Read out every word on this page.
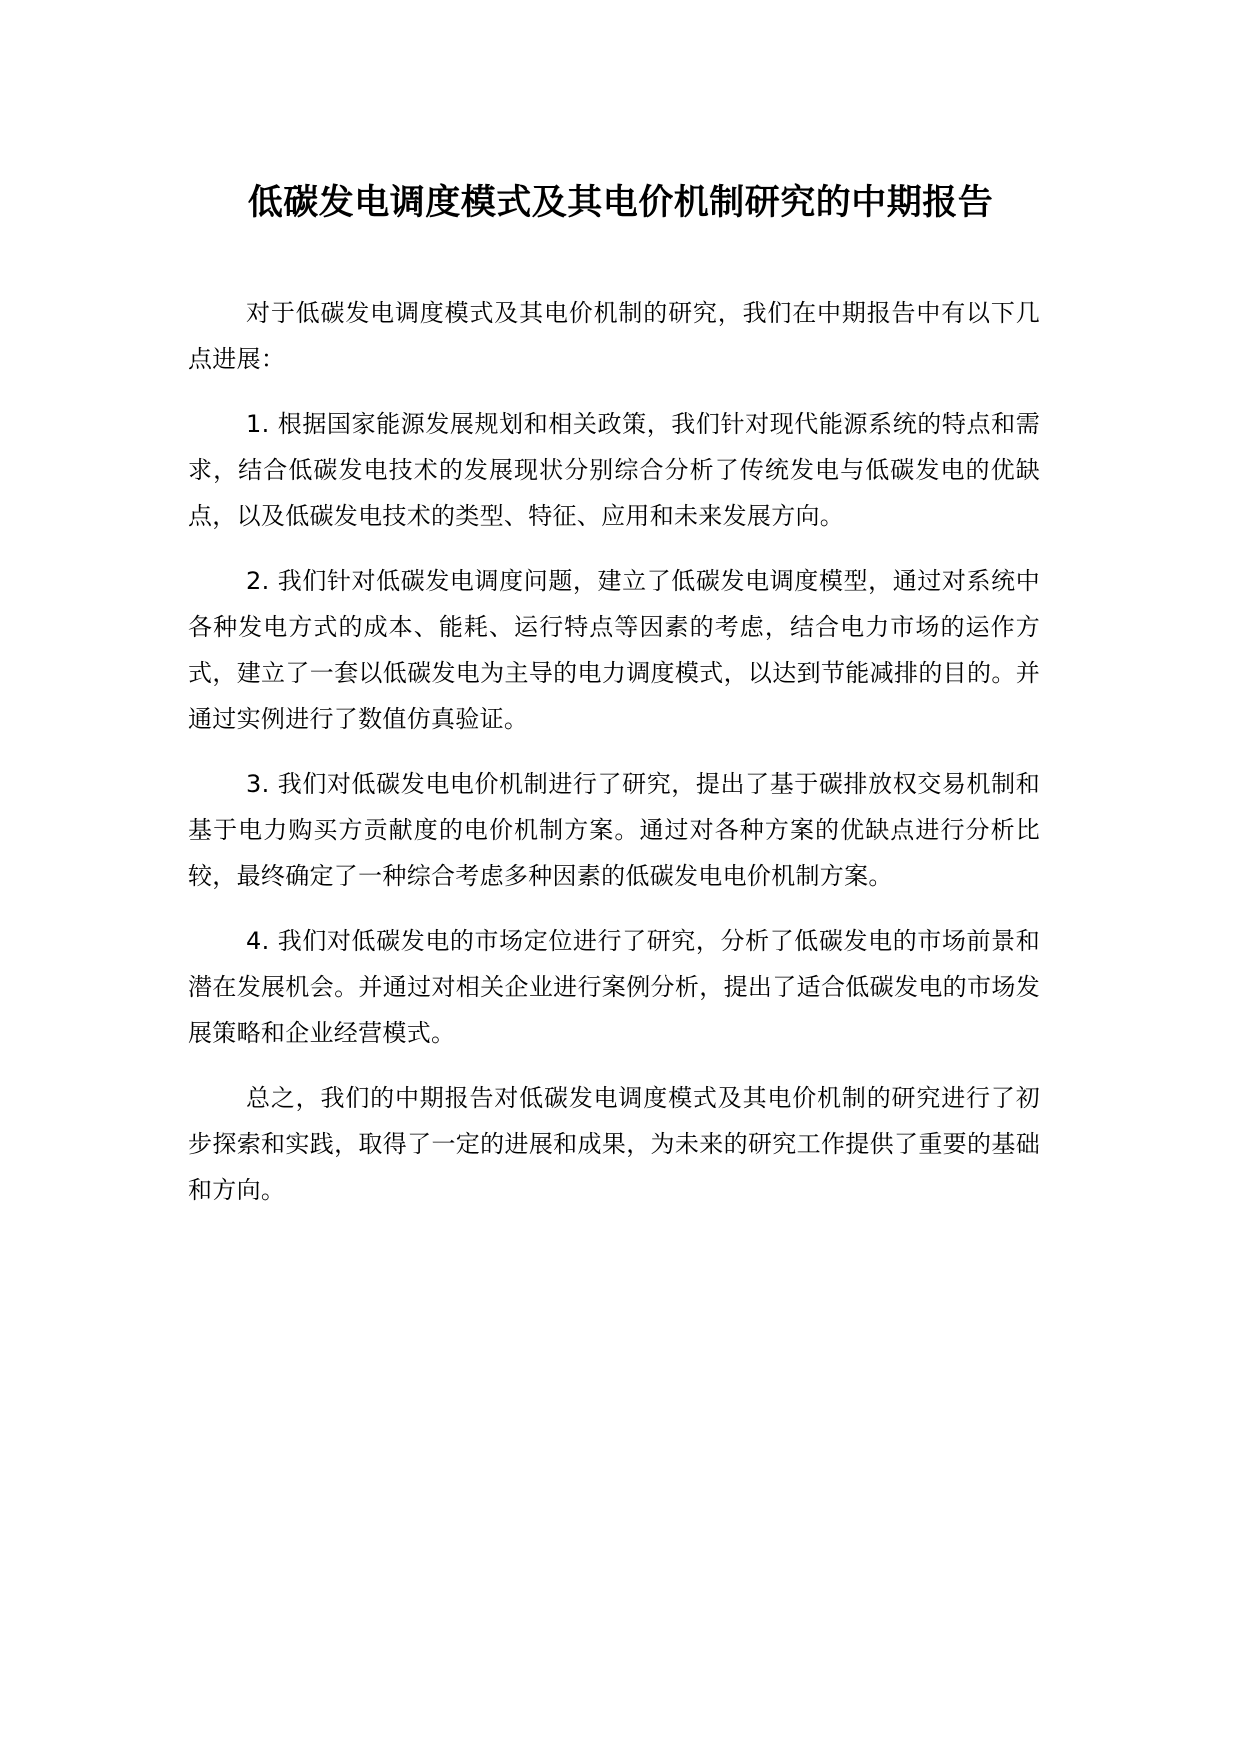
低碳发电调度模式及其电价机制研究的中期报告

对于低碳发电调度模式及其电价机制的研究，我们在中期报告中有以下几点进展：

1. 根据国家能源发展规划和相关政策，我们针对现代能源系统的特点和需求，结合低碳发电技术的发展现状分别综合分析了传统发电与低碳发电的优缺点，以及低碳发电技术的类型、特征、应用和未来发展方向。

2. 我们针对低碳发电调度问题，建立了低碳发电调度模型，通过对系统中各种发电方式的成本、能耗、运行特点等因素的考虑，结合电力市场的运作方式，建立了一套以低碳发电为主导的电力调度模式，以达到节能减排的目的。并通过实例进行了数值仿真验证。

3. 我们对低碳发电电价机制进行了研究，提出了基于碳排放权交易机制和基于电力购买方贡献度的电价机制方案。通过对各种方案的优缺点进行分析比较，最终确定了一种综合考虑多种因素的低碳发电电价机制方案。

4. 我们对低碳发电的市场定位进行了研究，分析了低碳发电的市场前景和潜在发展机会。并通过对相关企业进行案例分析，提出了适合低碳发电的市场发展策略和企业经营模式。

总之，我们的中期报告对低碳发电调度模式及其电价机制的研究进行了初步探索和实践，取得了一定的进展和成果，为未来的研究工作提供了重要的基础和方向。
